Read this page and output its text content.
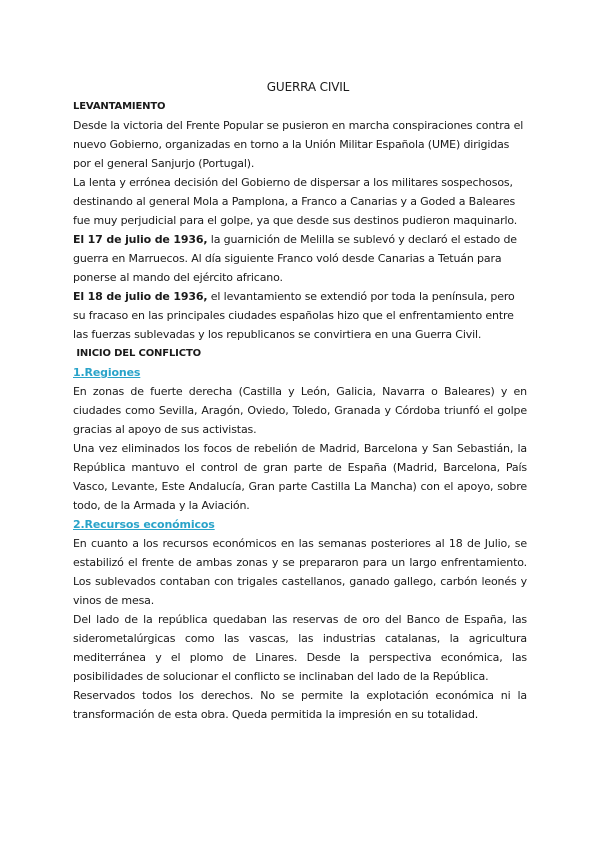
GUERRA CIVIL

LEVANTAMIENTO

Desde la victoria del Frente Popular se pusieron en marcha conspiraciones contra el nuevo Gobierno, organizadas en torno a la Unión Militar Española (UME) dirigidas por el general Sanjurjo (Portugal).

La lenta y errónea decisión del Gobierno de dispersar a los militares sospechosos, destinando al general Mola a Pamplona, a Franco a Canarias y a Goded a Baleares fue muy perjudicial para el golpe, ya que desde sus destinos pudieron maquinarlo.

El 17 de julio de 1936, la guarnición de Melilla se sublevó y declaró el estado de guerra en Marruecos. Al día siguiente Franco voló desde Canarias a Tetuán para ponerse al mando del ejército africano.

El 18 de julio de 1936, el levantamiento se extendió por toda la península, pero su fracaso en las principales ciudades españolas hizo que el enfrentamiento entre las fuerzas sublevadas y los republicanos se convirtiera en una Guerra Civil.

INICIO DEL CONFLICTO

1.Regiones

En zonas de fuerte derecha (Castilla y León, Galicia, Navarra o Baleares) y en ciudades como Sevilla, Aragón, Oviedo, Toledo, Granada y Córdoba triunfó el golpe gracias al apoyo de sus activistas.

Una vez eliminados los focos de rebelión de Madrid, Barcelona y San Sebastián, la República mantuvo el control de gran parte de España (Madrid, Barcelona, País Vasco, Levante, Este Andalucía, Gran parte Castilla La Mancha) con el apoyo, sobre todo, de la Armada y la Aviación.

2.Recursos económicos

En cuanto a los recursos económicos en las semanas posteriores al 18 de Julio, se estabilizó el frente de ambas zonas y se prepararon para un largo enfrentamiento. Los sublevados contaban con trigales castellanos, ganado gallego, carbón leonés y vinos de mesa.

Del lado de la república quedaban las reservas de oro del Banco de España, las siderometalúrgicas como las vascas, las industrias catalanas, la agricultura mediterránea y el plomo de Linares. Desde la perspectiva económica, las posibilidades de solucionar el conflicto se inclinaban del lado de la República.

Reservados todos los derechos. No se permite la explotación económica ni la transformación de esta obra. Queda permitida la impresión en su totalidad.
